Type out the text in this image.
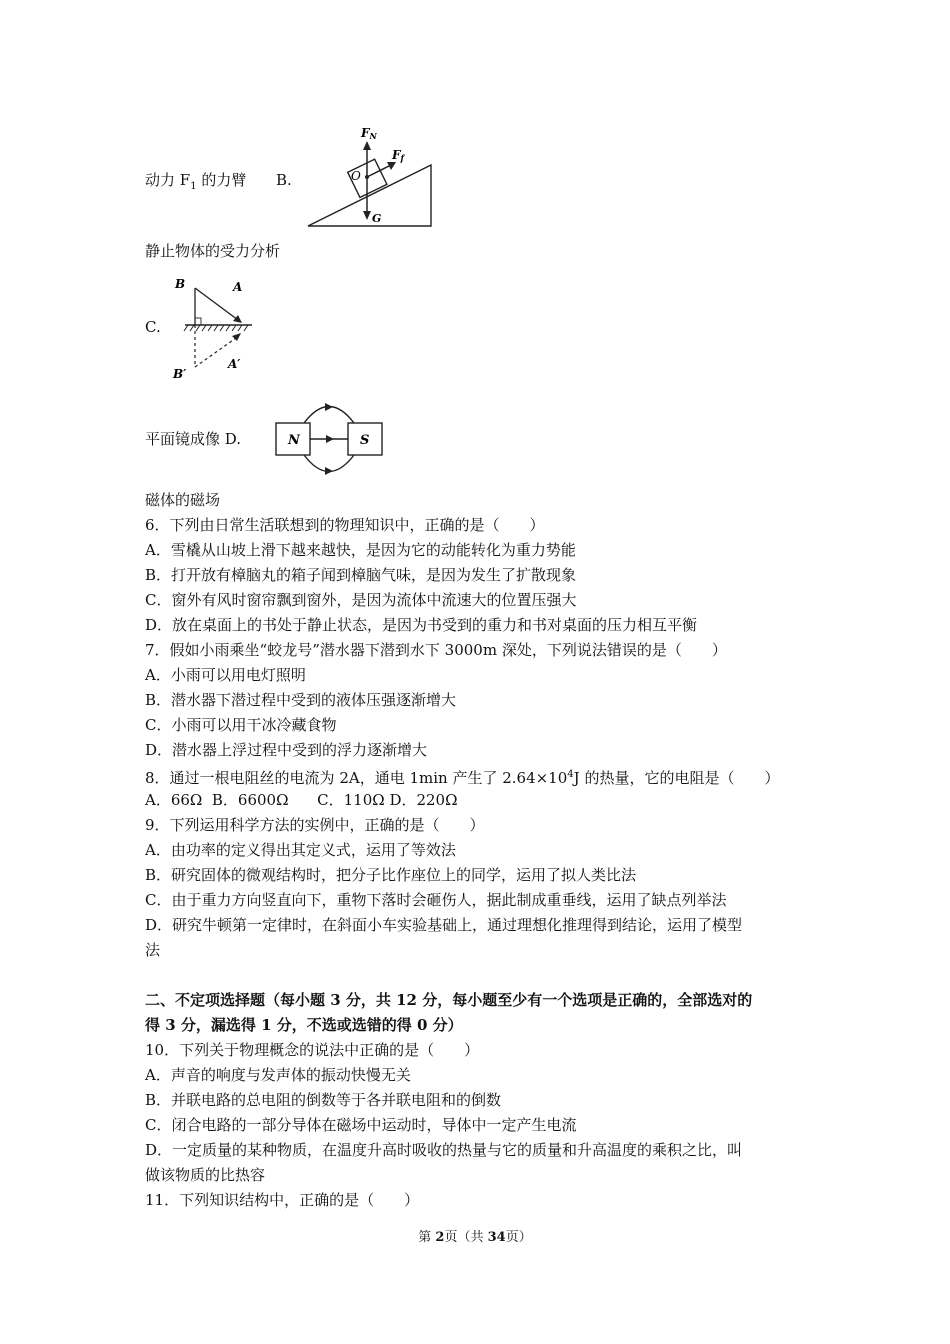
动力 $F_1$ 的力臂 B.
FN
Ff
O
G
静止物体的受力分析
C.
B	A
B′
A′
平面镜成像 D.	N	S
磁体的磁场
6．下列由日常生活联想到的物理知识中，正确的是（　　）
A．雪橇从山坡上滑下越来越快，是因为它的动能转化为重力势能
B．打开放有樟脑丸的箱子闻到樟脑气味，是因为发生了扩散现象
C．窗外有风时窗帘飘到窗外，是因为流体中流速大的位置压强大
D．放在桌面上的书处于静止状态，是因为书受到的重力和书对桌面的压力相互平衡
7．假如小雨乘坐“蛟龙号”潜水器下潜到水下 3000m 深处，下列说法错误的是（　　）
A．小雨可以用电灯照明
B．潜水器下潜过程中受到的液体压强逐渐增大
C．小雨可以用干冰冷藏食物
D．潜水器上浮过程中受到的浮力逐渐增大
8．通过一根电阻丝的电流为 2A，通电 1min 产生了 $2.64\times 10^4J$ 的热量，它的电阻是（　　）
A．66Ω  B．6600Ω      C．110Ω D．220Ω
9．下列运用科学方法的实例中，正确的是（　　）
A．由功率的定义得出其定义式，运用了等效法
B．研究固体的微观结构时，把分子比作座位上的同学，运用了拟人类比法
C．由于重力方向竖直向下，重物下落时会砸伤人，据此制成重垂线，运用了缺点列举法
D．研究牛顿第一定律时，在斜面小车实验基础上，通过理想化推理得到结论，运用了模型
法
二、不定项选择题（每小题 3 分，共 12 分，每小题至少有一个选项是正确的，全部选对的
得 3 分，漏选得 1 分，不选或选错的得 0 分）
10．下列关于物理概念的说法中正确的是（　　）
A．声音的响度与发声体的振动快慢无关
B．并联电路的总电阻的倒数等于各并联电阻和的倒数
C．闭合电路的一部分导体在磁场中运动时，导体中一定产生电流
D．一定质量的某种物质，在温度升高时吸收的热量与它的质量和升高温度的乘积之比，叫
做该物质的比热容
11．下列知识结构中，正确的是（　　）
第 2页（共 34页）
